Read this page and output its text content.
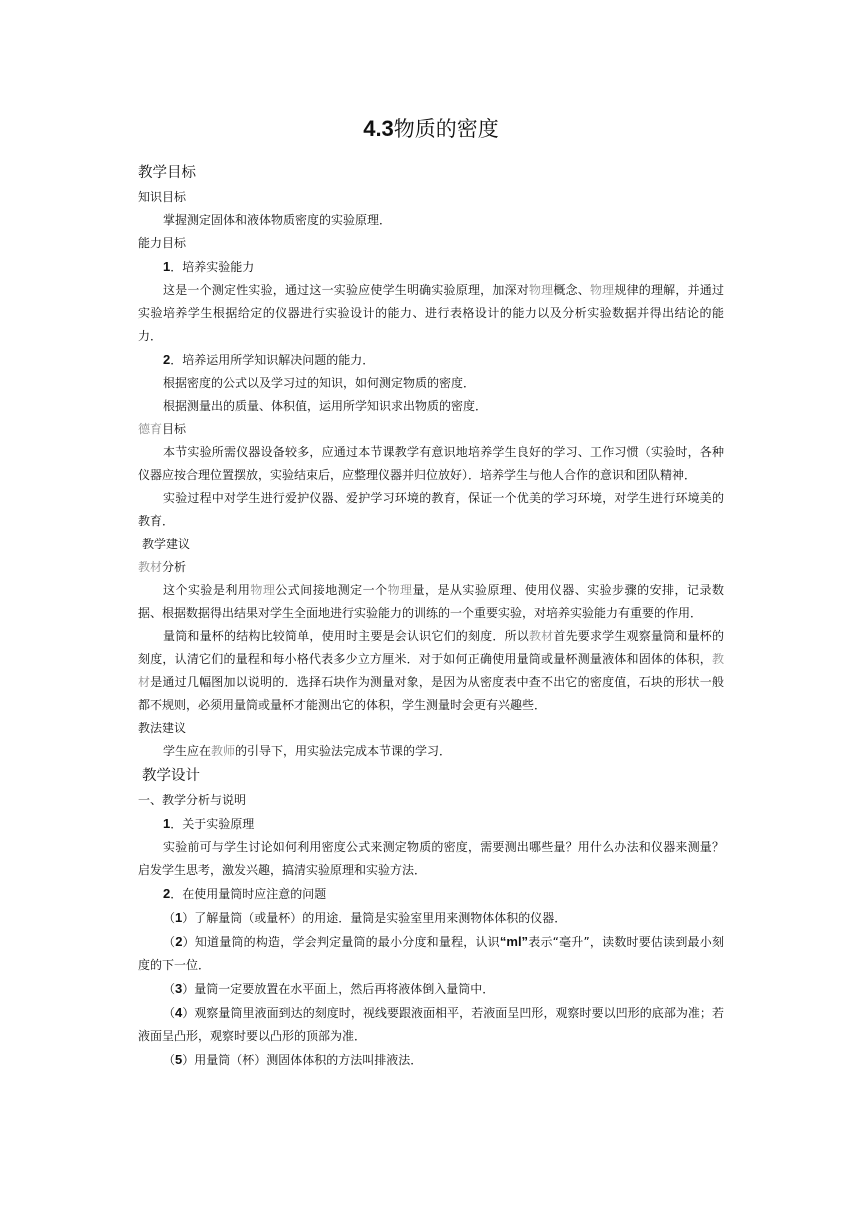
4.3物质的密度
教学目标
知识目标
掌握测定固体和液体物质密度的实验原理．
能力目标
1．培养实验能力
这是一个测定性实验，通过这一实验应使学生明确实验原理，加深对物理概念、物理规律的理解，并通过实验培养学生根据给定的仪器进行实验设计的能力、进行表格设计的能力以及分析实验数据并得出结论的能力．
2．培养运用所学知识解决问题的能力．
根据密度的公式以及学习过的知识，如何测定物质的密度．
根据测量出的质量、体积值，运用所学知识求出物质的密度．
德育目标
本节实验所需仪器设备较多，应通过本节课教学有意识地培养学生良好的学习、工作习惯（实验时，各种仪器应按合理位置摆放，实验结束后，应整理仪器并归位放好）．培养学生与他人合作的意识和团队精神．
实验过程中对学生进行爱护仪器、爱护学习环境的教育，保证一个优美的学习环境，对学生进行环境美的教育．
教学建议
教材分析
这个实验是利用物理公式间接地测定一个物理量，是从实验原理、使用仪器、实验步骤的安排，记录数据、根据数据得出结果对学生全面地进行实验能力的训练的一个重要实验，对培养实验能力有重要的作用．
量筒和量杯的结构比较简单，使用时主要是会认识它们的刻度．所以教材首先要求学生观察量筒和量杯的刻度，认清它们的量程和每小格代表多少立方厘米．对于如何正确使用量筒或量杯测量液体和固体的体积，教材是通过几幅图加以说明的．选择石块作为测量对象，是因为从密度表中查不出它的密度值，石块的形状一般都不规则，必须用量筒或量杯才能测出它的体积，学生测量时会更有兴趣些．
教法建议
学生应在教师的引导下，用实验法完成本节课的学习．
教学设计
一、教学分析与说明
1．关于实验原理
实验前可与学生讨论如何利用密度公式来测定物质的密度，需要测出哪些量？用什么办法和仪器来测量？启发学生思考，激发兴趣，搞清实验原理和实验方法．
2．在使用量筒时应注意的问题
（1）了解量筒（或量杯）的用途．量筒是实验室里用来测物体体积的仪器．
（2）知道量筒的构造，学会判定量筒的最小分度和量程，认识“ml”表示“毫升”，读数时要估读到最小刻度的下一位．
（3）量筒一定要放置在水平面上，然后再将液体倒入量筒中．
（4）观察量筒里液面到达的刻度时，视线要跟液面相平，若液面呈凹形，观察时要以凹形的底部为准；若液面呈凸形，观察时要以凸形的顶部为准．
（5）用量筒（杯）测固体体积的方法叫排液法．
